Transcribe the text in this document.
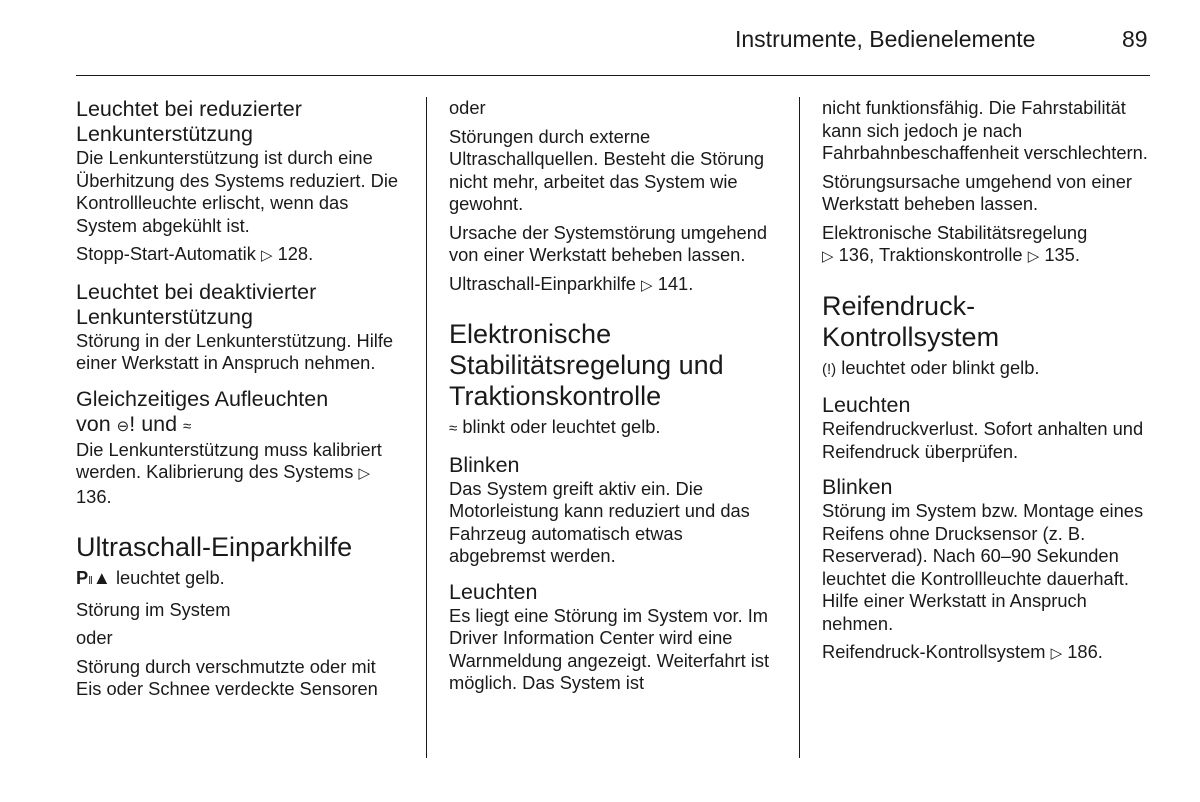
Instrumente, Bedienelemente	89
Leuchtet bei reduzierter Lenkunterstützung

Die Lenkunterstützung ist durch eine Überhitzung des Systems reduziert. Die Kontrollleuchte erlischt, wenn das System abgekühlt ist.

Stopp-Start-Automatik ▷ 128.

Leuchtet bei deaktivierter Lenkunterstützung

Störung in der Lenkunterstützung. Hilfe einer Werkstatt in Anspruch nehmen.

Gleichzeitiges Aufleuchten
von ⊖! und ≈

Die Lenkunterstützung muss kalibriert werden. Kalibrierung des Systems ▷ 136.

Ultraschall-Einparkhilfe

P‖▲ leuchtet gelb.

Störung im System

oder

Störung durch verschmutzte oder mit Eis oder Schnee verdeckte Sensoren

oder

Störungen durch externe Ultraschallquellen. Besteht die Störung nicht mehr, arbeitet das System wie gewohnt.

Ursache der Systemstörung umgehend von einer Werkstatt beheben lassen.

Ultraschall-Einparkhilfe ▷ 141.

Elektronische Stabilitätsregelung und Traktionskontrolle

≈ blinkt oder leuchtet gelb.

Blinken

Das System greift aktiv ein. Die Motorleistung kann reduziert und das Fahrzeug automatisch etwas abgebremst werden.

Leuchten

Es liegt eine Störung im System vor. Im Driver Information Center wird eine Warnmeldung angezeigt. Weiterfahrt ist möglich. Das System ist

nicht funktionsfähig. Die Fahrstabilität kann sich jedoch je nach Fahrbahnbeschaffenheit verschlechtern.

Störungsursache umgehend von einer Werkstatt beheben lassen.

Elektronische Stabilitätsregelung
▷ 136, Traktionskontrolle ▷ 135.

Reifendruck-Kontrollsystem

(!) leuchtet oder blinkt gelb.

Leuchten

Reifendruckverlust. Sofort anhalten und Reifendruck überprüfen.

Blinken

Störung im System bzw. Montage eines Reifens ohne Drucksensor (z. B. Reserverad). Nach 60–90 Sekunden leuchtet die Kontrollleuchte dauerhaft. Hilfe einer Werkstatt in Anspruch nehmen.

Reifendruck-Kontrollsystem ▷ 186.
